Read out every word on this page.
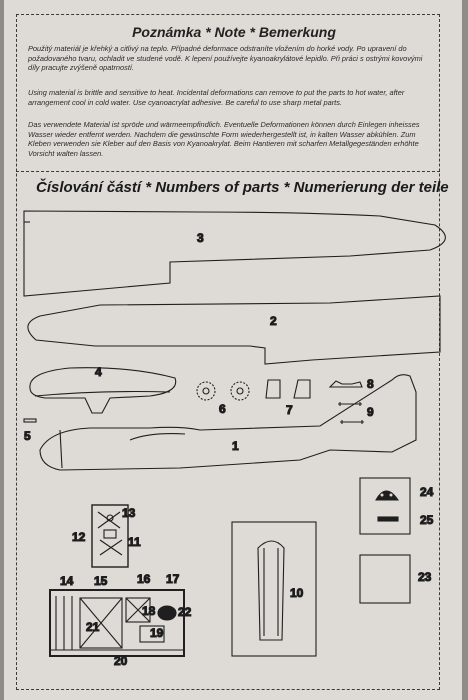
Poznámka * Note * Bemerkung

Použitý materiál je křehký a citlivý na teplo. Případné deformace odstraníte vložením do horké vody. Po upravení do požadovaného tvaru, ochladit ve studené vodě. K lepení používejte kyanoakrylátové lepidlo. Při práci s ostrými kovovými díly pracujte zvýšeně opatrností.

Using material is brittle and sensitive to heat. Incidental deformations can remove to put the parts to hot water, after arrangement cool in cold water. Use cyanoacrylat adhesive. Be careful to use sharp metal parts.

Das verwendete Material ist spröde und wärmeempfindlich. Eventuelle Deformationen können durch Einlegen inheisses Wasser wieder entfernt werden. Nachdem die gewünschte Form wiederhergestellt ist, in kalten Wasser abkühlen. Zum Kleben verwenden sie Kleber auf den Basis von Kyanoakrylat. Beim Hantieren mit scharfen Metallgegeständen erhöhte Vorsicht walten lassen.

Číslování částí * Numbers of parts * Numerierung der teile
3
2
4
5
6	7
8
9
1
13
12	11
14 15 16 17
18
19
20
21
22
10
24
25
23
